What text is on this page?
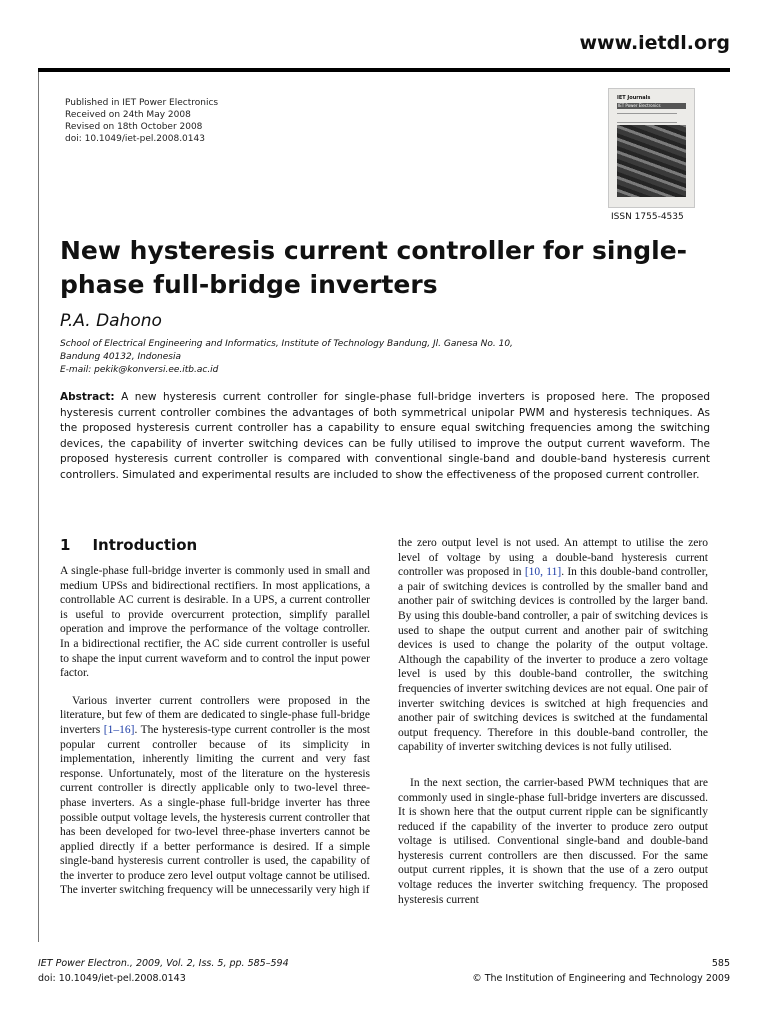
www.ietdl.org
Published in IET Power Electronics
Received on 24th May 2008
Revised on 18th October 2008
doi: 10.1049/iet-pel.2008.0143
IET Journals
IET Power Electronics
ISSN 1755-4535
New hysteresis current controller for single-phase full-bridge inverters
P.A. Dahono
School of Electrical Engineering and Informatics, Institute of Technology Bandung, Jl. Ganesa No. 10,
Bandung 40132, Indonesia
E-mail: pekik@konversi.ee.itb.ac.id

Abstract: A new hysteresis current controller for single-phase full-bridge inverters is proposed here. The proposed hysteresis current controller combines the advantages of both symmetrical unipolar PWM and hysteresis techniques. As the proposed hysteresis current controller has a capability to ensure equal switching frequencies among the switching devices, the capability of inverter switching devices can be fully utilised to improve the output current waveform. The proposed hysteresis current controller is compared with conventional single-band and double-band hysteresis current controllers. Simulated and experimental results are included to show the effectiveness of the proposed current controller.

1 Introduction

A single-phase full-bridge inverter is commonly used in small and medium UPSs and bidirectional rectifiers. In most applications, a controllable AC current is desirable. In a UPS, a current controller is useful to provide overcurrent protection, simplify parallel operation and improve the performance of the voltage controller. In a bidirectional rectifier, the AC side current controller is useful to shape the input current waveform and to control the input power factor.

Various inverter current controllers were proposed in the literature, but few of them are dedicated to single-phase full-bridge inverters [1–16]. The hysteresis-type current controller is the most popular current controller because of its simplicity in implementation, inherently limiting the current and very fast response. Unfortunately, most of the literature on the hysteresis current controller is directly applicable only to two-level three-phase inverters. As a single-phase full-bridge inverter has three possible output voltage levels, the hysteresis current controller that has been developed for two-level three-phase inverters cannot be applied directly if a better performance is desired. If a simple single-band hysteresis current controller is used, the capability of the inverter to produce zero level output voltage cannot be utilised. The inverter switching frequency will be unnecessarily very high if

the zero output level is not used. An attempt to utilise the zero level of voltage by using a double-band hysteresis current controller was proposed in [10, 11]. In this double-band controller, a pair of switching devices is controlled by the smaller band and another pair of switching devices is controlled by the larger band. By using this double-band controller, a pair of switching devices is used to shape the output current and another pair of switching devices is used to change the polarity of the output voltage. Although the capability of the inverter to produce a zero voltage level is used by this double-band controller, the switching frequencies of inverter switching devices are not equal. One pair of inverter switching devices is switched at high frequencies and another pair of switching devices is switched at the fundamental output frequency. Therefore in this double-band controller, the capability of inverter switching devices is not fully utilised.

In the next section, the carrier-based PWM techniques that are commonly used in single-phase full-bridge inverters are discussed. It is shown here that the output current ripple can be significantly reduced if the capability of the inverter to produce zero output voltage is utilised. Conventional single-band and double-band hysteresis current controllers are then discussed. For the same output current ripples, it is shown that the use of a zero output voltage reduces the inverter switching frequency. The proposed hysteresis current

IET Power Electron., 2009, Vol. 2, Iss. 5, pp. 585–594
doi: 10.1049/iet-pel.2008.0143
585
© The Institution of Engineering and Technology 2009
